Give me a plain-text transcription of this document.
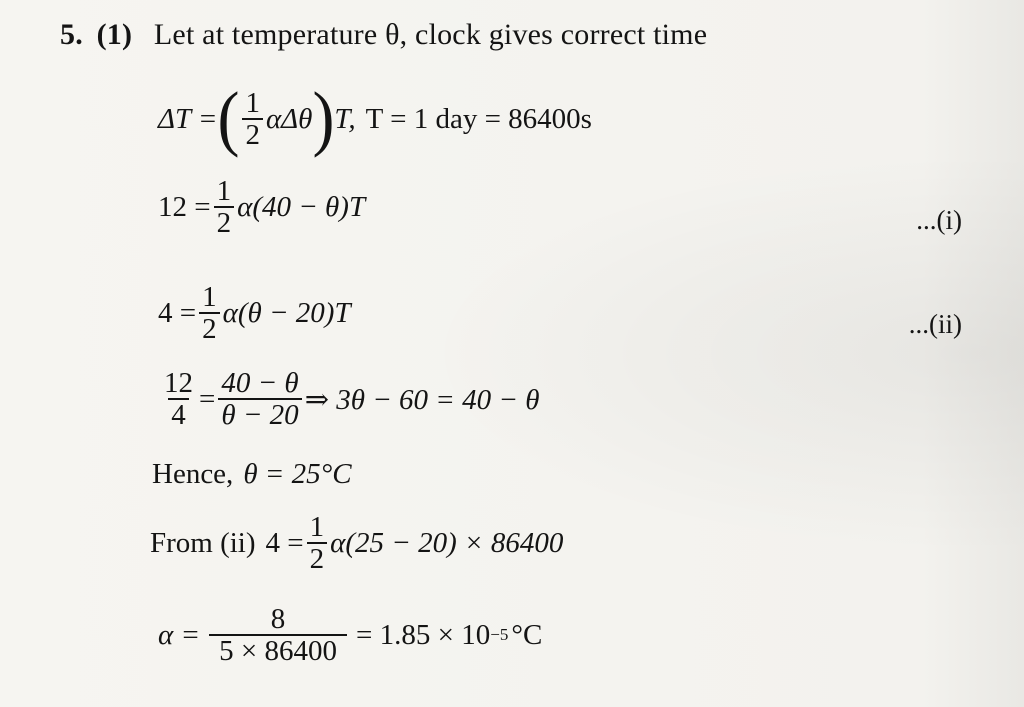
5. (1) Let at temperature θ, clock gives correct time
ΔT = ( $\frac{1}{2}$ αΔθ ) T, T = 1 day = 86400s
$12 = \frac{1}{2} \alpha(40 - \theta)T$	...(i)
$4 = \frac{1}{2} \alpha(\theta - 20)T$	...(ii)
$\frac{12}{4} = \frac{40 - \theta}{\theta - 20}$ ⇒ 3θ − 60 = 40 − θ
Hence, θ = 25°C
From (ii) $4 = \frac{1}{2} \alpha(25 - 20) \times 86400$
$\alpha = \frac{8}{5 \times 86400} = 1.85 \times 10 -5$ °C
